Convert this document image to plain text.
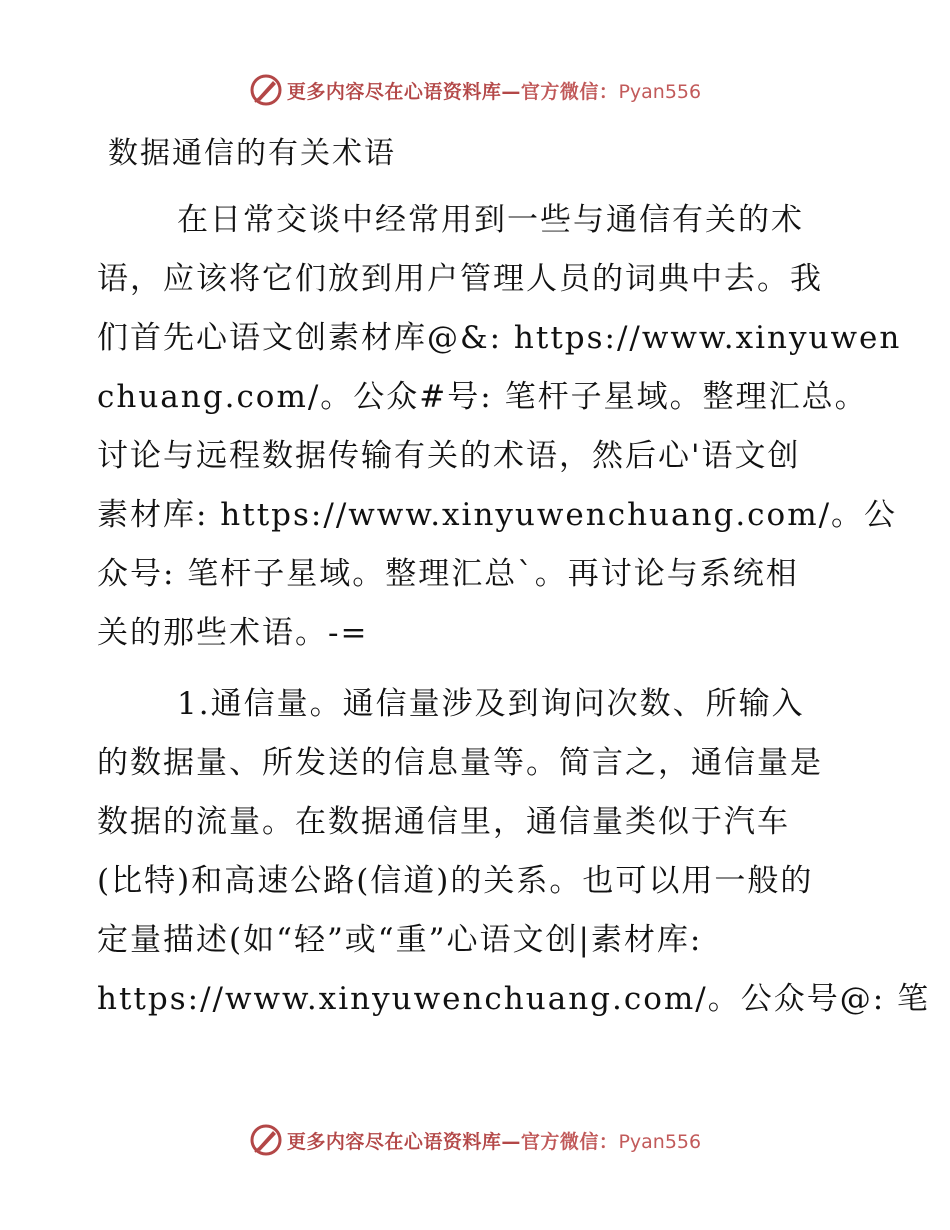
更多内容尽在心语资料库—官方微信：Pyan556
数据通信的有关术语
在日常交谈中经常用到一些与通信有关的术
语，应该将它们放到用户管理人员的词典中去。我
们首先心语文创素材库@&: https://www.xinyuwen
chuang.com/。公众#号: 笔杆子星域。整理汇总。
讨论与远程数据传输有关的术语，然后心'语文创
素材库: https://www.xinyuwenchuang.com/。公
众号: 笔杆子星域。整理汇总`。再讨论与系统相
关的那些术语。-=
1.通信量。通信量涉及到询问次数、所输入
的数据量、所发送的信息量等。简言之，通信量是
数据的流量。在数据通信里，通信量类似于汽车
(比特)和高速公路(信道)的关系。也可以用一般的
定量描述(如“轻”或“重”心语文创|素材库:
https://www.xinyuwenchuang.com/。公众号@: 笔
更多内容尽在心语资料库—官方微信：Pyan556
